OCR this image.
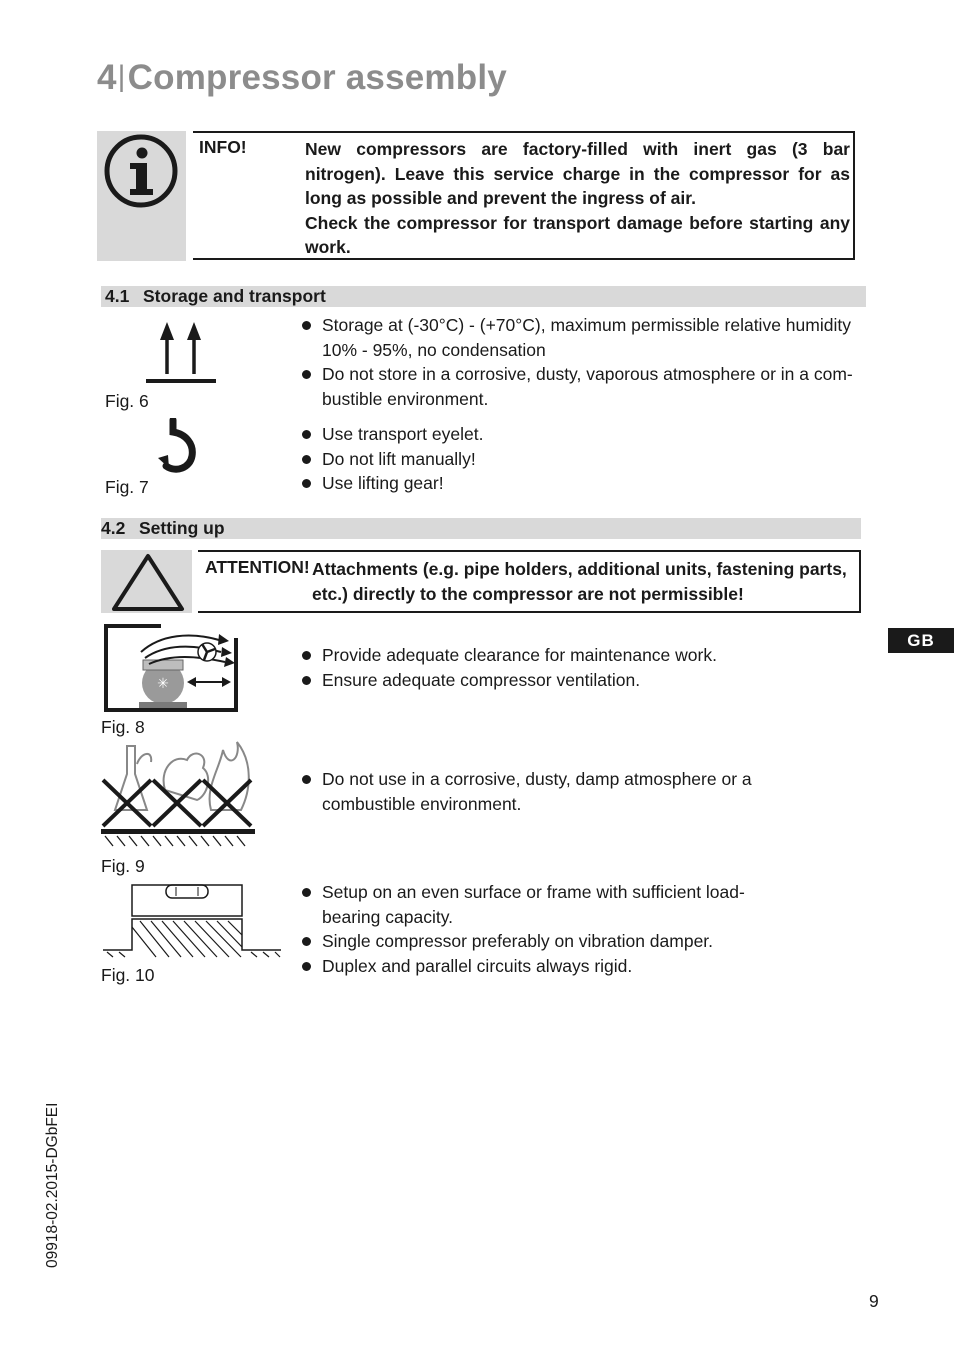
4|Compressor assembly
INFO!	New compressors are factory-filled with inert gas (3 bar nitrogen). Leave this service charge in the compressor for as long as possible and prevent the ingress of air.

Check the compressor for transport damage before starting any work.

4.1 Storage and transport
Fig. 6
Fig. 7
Storage at (-30°C) - (+70°C), maximum permissible relative humidity 10% - 95%, no condensation
Do not store in a corrosive, dusty, vaporous atmosphere or in a com-bustible environment.
Use transport eyelet.
Do not lift manually!
Use lifting gear!
4.2 Setting up
ATTENTION! Attachments (e.g. pipe holders, additional units, fastening parts, etc.) directly to the compressor are not permissible!
✳
Fig. 8
Fig. 9
Fig. 10
Provide adequate clearance for maintenance work.
Ensure adequate compressor ventilation.
Do not use in a corrosive, dusty, damp atmosphere or a combustible environment.
Setup on an even surface or frame with sufficient load-bearing capacity.
Single compressor preferably on vibration damper.
Duplex and parallel circuits always rigid.
GB
09918-02.2015-DGbFEI
9
